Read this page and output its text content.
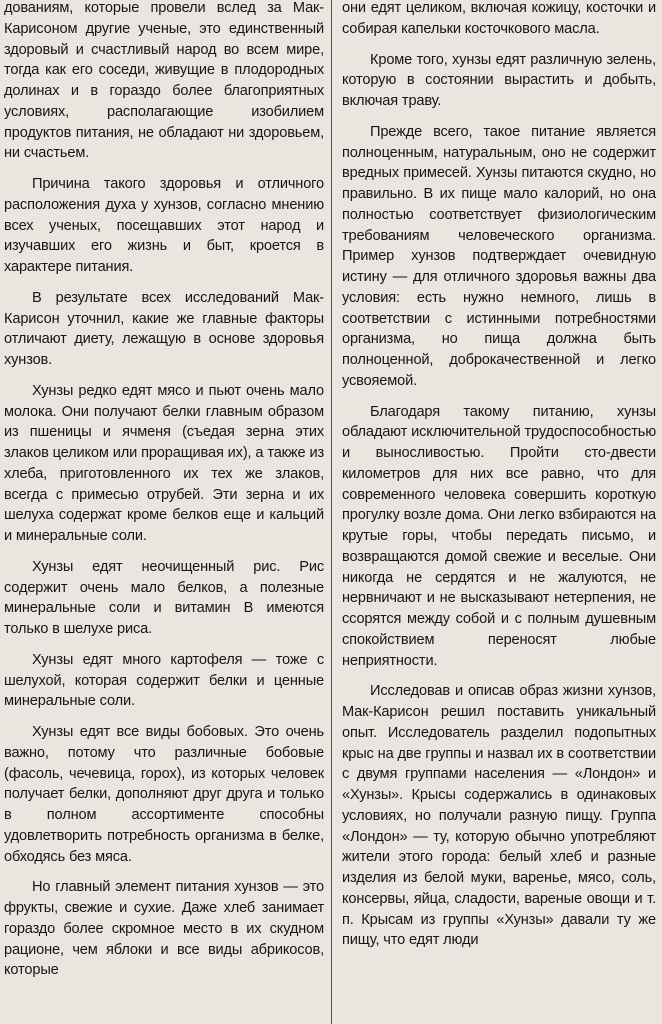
дованиям, которые провели вслед за Мак-Карисоном другие ученые, это единственный здоровый и счастливый народ во всем мире, тогда как его соседи, живущие в плодородных долинах и в гораздо более благоприятных условиях, располагающие изобилием продуктов питания, не обладают ни здоровьем, ни счастьем.

Причина такого здоровья и отличного расположения духа у хунзов, согласно мнению всех ученых, посещавших этот народ и изучавших его жизнь и быт, кроется в характере питания.

В результате всех исследований Мак-Карисон уточнил, какие же главные факторы отличают диету, лежащую в основе здоровья хунзов.

Хунзы редко едят мясо и пьют очень мало молока. Они получают белки главным образом из пшеницы и ячменя (съедая зерна этих злаков целиком или проращивая их), а также из хлеба, приготовленного их тех же злаков, всегда с примесью отрубей. Эти зерна и их шелуха содержат кроме белков еще и кальций и минеральные соли.

Хунзы едят неочищенный рис. Рис содержит очень мало белков, а полезные минеральные соли и витамин В имеются только в шелухе риса.

Хунзы едят много картофеля — тоже с шелухой, которая содержит белки и ценные минеральные соли.

Хунзы едят все виды бобовых. Это очень важно, потому что различные бобовые (фасоль, чечевица, горох), из которых человек получает белки, дополняют друг друга и только в полном ассортименте способны удовлетворить потребность организма в белке, обходясь без мяса.

Но главный элемент питания хунзов — это фрукты, свежие и сухие. Даже хлеб занимает гораздо более скромное место в их скудном рационе, чем яблоки и все виды абрикосов, которые

они едят целиком, включая кожицу, косточки и собирая капельки косточкового масла.

Кроме того, хунзы едят различную зелень, которую в состоянии вырастить и добыть, включая траву.

Прежде всего, такое питание является полноценным, натуральным, оно не содержит вредных примесей. Хунзы питаются скудно, но правильно. В их пище мало калорий, но она полностью соответствует физиологическим требованиям человеческого организма. Пример хунзов подтверждает очевидную истину — для отличного здоровья важны два условия: есть нужно немного, лишь в соответствии с истинными потребностями организма, но пища должна быть полноценной, доброкачественной и легко усвояемой.

Благодаря такому питанию, хунзы обладают исключительной трудоспособностью и выносливостью. Пройти сто-двести километров для них все равно, что для современного человека совершить короткую прогулку возле дома. Они легко взбираются на крутые горы, чтобы передать письмо, и возвращаются домой свежие и веселые. Они никогда не сердятся и не жалуются, не нервничают и не высказывают нетерпения, не ссорятся между собой и с полным душевным спокойствием переносят любые неприятности.

Исследовав и описав образ жизни хунзов, Мак-Карисон решил поставить уникальный опыт. Исследователь разделил подопытных крыс на две группы и назвал их в соответствии с двумя группами населения — «Лондон» и «Хунзы». Крысы содержались в одинаковых условиях, но получали разную пищу. Группа «Лондон» — ту, которую обычно употребляют жители этого города: белый хлеб и разные изделия из белой муки, варенье, мясо, соль, консервы, яйца, сладости, вареные овощи и т. п. Крысам из группы «Хунзы» давали ту же пищу, что едят люди
